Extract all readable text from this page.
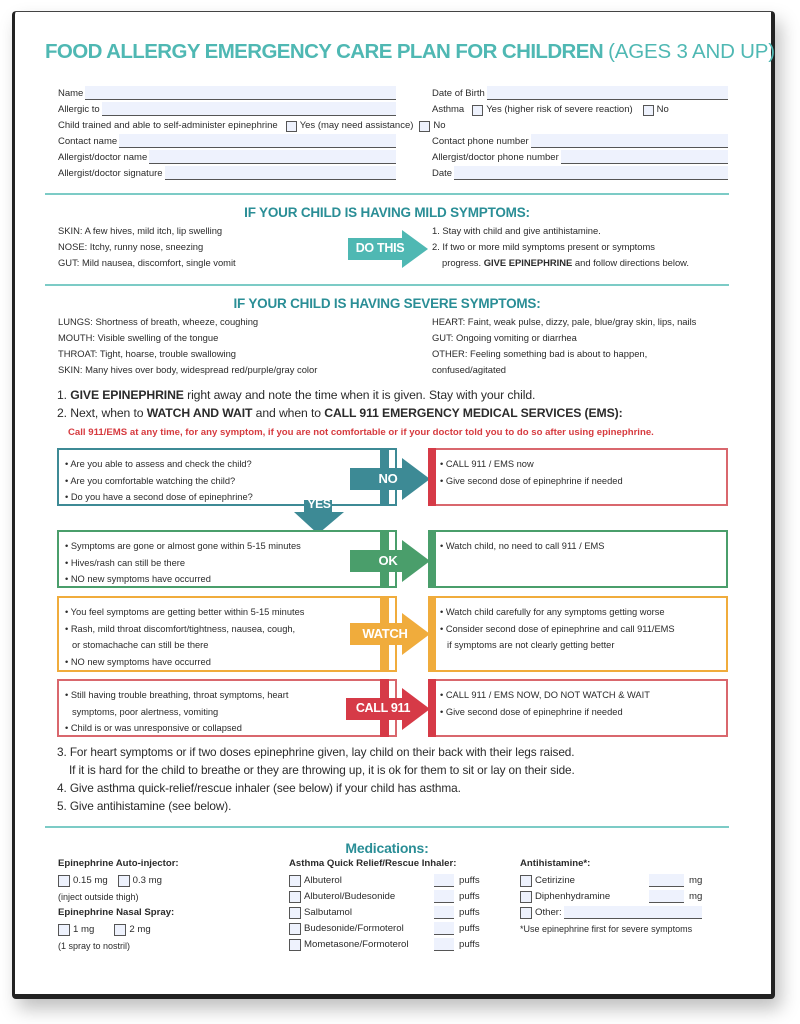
FOOD ALLERGY EMERGENCY CARE PLAN FOR CHILDREN (AGES 3 AND UP)
Name
Allergic to
Child trained and able to self-administer epinephrine Yes (may need assistance) No
Contact name
Allergist/doctor name
Allergist/doctor signature
Date of Birth
Asthma Yes (higher risk of severe reaction)	No
Contact phone number
Allergist/doctor phone number
Date
IF YOUR CHILD IS HAVING MILD SYMPTOMS:
SKIN: A few hives, mild itch, lip swelling
NOSE: Itchy, runny nose, sneezing
GUT: Mild nausea, discomfort, single vomit
DO THIS
1. Stay with child and give antihistamine.
2. If two or more mild symptoms present or symptoms
progress. GIVE EPINEPHRINE and follow directions below.
IF YOUR CHILD IS HAVING SEVERE SYMPTOMS:
LUNGS: Shortness of breath, wheeze, coughing
MOUTH: Visible swelling of the tongue
THROAT: Tight, hoarse, trouble swallowing
SKIN: Many hives over body, widespread red/purple/gray color
HEART: Faint, weak pulse, dizzy, pale, blue/gray skin, lips, nails
GUT: Ongoing vomiting or diarrhea
OTHER: Feeling something bad is about to happen,
confused/agitated
1. GIVE EPINEPHRINE right away and note the time when it is given. Stay with your child.
2. Next, when to WATCH AND WAIT and when to CALL 911 EMERGENCY MEDICAL SERVICES (EMS):
Call 911/EMS at any time, for any symptom, if you are not comfortable or if your doctor told you to do so after using epinephrine.
• Are you able to assess and check the child?
• Are you comfortable watching the child?
• Do you have a second dose of epinephrine?
NO
YES
• CALL 911 / EMS now
• Give second dose of epinephrine if needed
• Symptoms are gone or almost gone within 5-15 minutes
• Hives/rash can still be there
• NO new symptoms have occurred
OK
• Watch child, no need to call 911 / EMS
• You feel symptoms are getting better within 5-15 minutes
• Rash, mild throat discomfort/tightness, nausea, cough,
or stomachache can still be there
• NO new symptoms have occurred
WATCH
• Watch child carefully for any symptoms getting worse
• Consider second dose of epinephrine and call 911/EMS
if symptoms are not clearly getting better
• Still having trouble breathing, throat symptoms, heart
symptoms, poor alertness, vomiting
• Child is or was unresponsive or collapsed
CALL 911
• CALL 911 / EMS NOW, DO NOT WATCH & WAIT
• Give second dose of epinephrine if needed
3. For heart symptoms or if two doses epinephrine given, lay child on their back with their legs raised.
If it is hard for the child to breathe or they are throwing up, it is ok for them to sit or lay on their side.
4. Give asthma quick-relief/rescue inhaler (see below) if your child has asthma.
5. Give antihistamine (see below).
Medications:
Epinephrine Auto-injector:
0.15 mg	0.3 mg
(inject outside thigh)
Epinephrine Nasal Spray:
1 mg	2 mg
(1 spray to nostril)
Asthma Quick Relief/Rescue Inhaler:
Albuterol	puffs
Albuterol/Budesonide	puffs
Salbutamol	puffs
Budesonide/Formoterol	puffs
Mometasone/Formoterol	puffs
Antihistamine*:
Cetirizine	mg
Diphenhydramine	mg
Other:
*Use epinephrine first for severe symptoms
